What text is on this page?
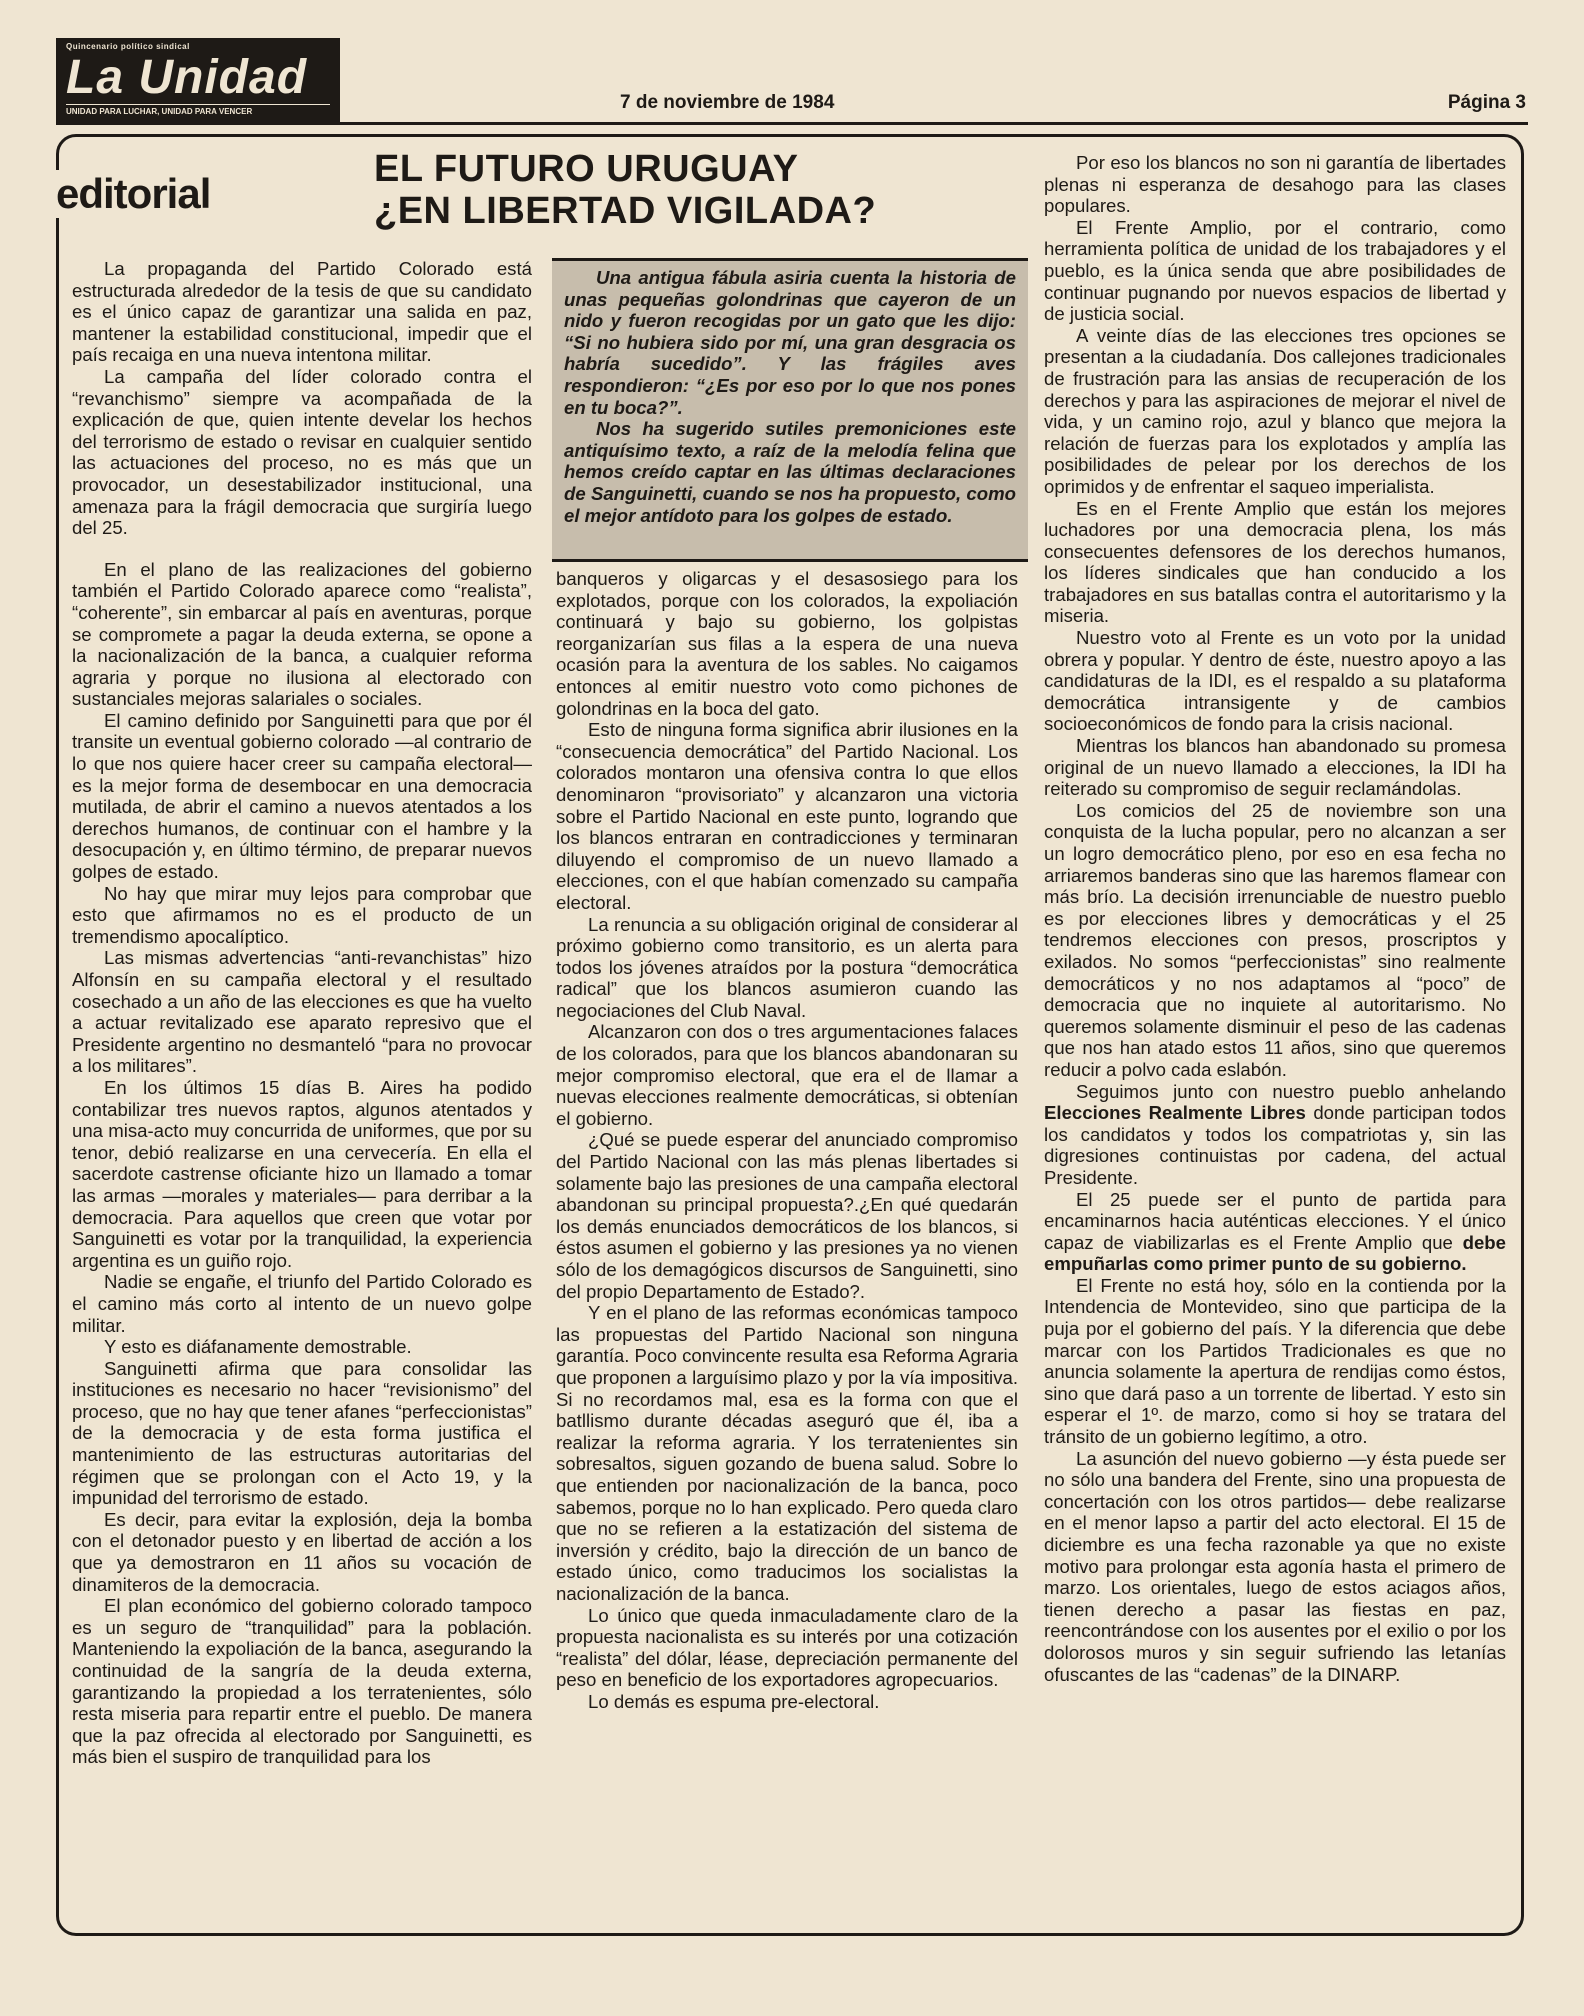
Quincenario político sindical
La Unidad
UNIDAD PARA LUCHAR, UNIDAD PARA VENCER	7 de noviembre de 1984	Página 3
editorial
EL FUTURO URUGUAY
¿EN LIBERTAD VIGILADA?

Una antigua fábula asiria cuenta la historia de unas pequeñas golondrinas que cayeron de un nido y fueron recogidas por un gato que les dijo: “Si no hubiera sido por mí, una gran desgracia os habría sucedido”. Y las frágiles aves respondieron: “¿Es por eso por lo que nos pones en tu boca?”.

Nos ha sugerido sutiles premoniciones este antiquísimo texto, a raíz de la melodía felina que hemos creído captar en las últimas declaraciones de Sanguinetti, cuando se nos ha propuesto, como el mejor antídoto para los golpes de estado.

La propaganda del Partido Colorado está estructurada alrededor de la tesis de que su candidato es el único capaz de garantizar una salida en paz, mantener la estabilidad constitucional, impedir que el país recaiga en una nueva intentona militar.

La campaña del líder colorado contra el “revanchismo” siempre va acompañada de la explicación de que, quien intente develar los hechos del terrorismo de estado o revisar en cualquier sentido las actuaciones del proceso, no es más que un provocador, un desestabilizador institucional, una amenaza para la frágil democracia que surgiría luego del 25.

En el plano de las realizaciones del gobierno también el Partido Colorado aparece como “realista”, “coherente”, sin embarcar al país en aventuras, porque se compromete a pagar la deuda externa, se opone a la nacionalización de la banca, a cualquier reforma agraria y porque no ilusiona al electorado con sustanciales mejoras salariales o sociales.

El camino definido por Sanguinetti para que por él transite un eventual gobierno colorado —al contrario de lo que nos quiere hacer creer su campaña electoral— es la mejor forma de desembocar en una democracia mutilada, de abrir el camino a nuevos atentados a los derechos humanos, de continuar con el hambre y la desocupación y, en último término, de preparar nuevos golpes de estado.

No hay que mirar muy lejos para comprobar que esto que afirmamos no es el producto de un tremendismo apocalíptico.

Las mismas advertencias “anti-revanchistas” hizo Alfonsín en su campaña electoral y el resultado cosechado a un año de las elecciones es que ha vuelto a actuar revitalizado ese aparato represivo que el Presidente argentino no desmanteló “para no provocar a los militares”.

En los últimos 15 días B. Aires ha podido contabilizar tres nuevos raptos, algunos atentados y una misa-acto muy concurrida de uniformes, que por su tenor, debió realizarse en una cervecería. En ella el sacerdote castrense oficiante hizo un llamado a tomar las armas —morales y materiales— para derribar a la democracia. Para aquellos que creen que votar por Sanguinetti es votar por la tranquilidad, la experiencia argentina es un guiño rojo.

Nadie se engañe, el triunfo del Partido Colorado es el camino más corto al intento de un nuevo golpe militar.

Y esto es diáfanamente demostrable.

Sanguinetti afirma que para consolidar las instituciones es necesario no hacer “revisionismo” del proceso, que no hay que tener afanes “perfeccionistas” de la democracia y de esta forma justifica el mantenimiento de las estructuras autoritarias del régimen que se prolongan con el Acto 19, y la impunidad del terrorismo de estado.

Es decir, para evitar la explosión, deja la bomba con el detonador puesto y en libertad de acción a los que ya demostraron en 11 años su vocación de dinamiteros de la democracia.

El plan económico del gobierno colorado tampoco es un seguro de “tranquilidad” para la población. Manteniendo la expoliación de la banca, asegurando la continuidad de la sangría de la deuda externa, garantizando la propiedad a los terratenientes, sólo resta miseria para repartir entre el pueblo. De manera que la paz ofrecida al electorado por Sanguinetti, es más bien el suspiro de tranquilidad para los

banqueros y oligarcas y el desasosiego para los explotados, porque con los colorados, la expoliación continuará y bajo su gobierno, los golpistas reorganizarían sus filas a la espera de una nueva ocasión para la aventura de los sables. No caigamos entonces al emitir nuestro voto como pichones de golondrinas en la boca del gato.

Esto de ninguna forma significa abrir ilusiones en la “consecuencia democrática” del Partido Nacional. Los colorados montaron una ofensiva contra lo que ellos denominaron “provisoriato” y alcanzaron una victoria sobre el Partido Nacional en este punto, logrando que los blancos entraran en contradicciones y terminaran diluyendo el compromiso de un nuevo llamado a elecciones, con el que habían comenzado su campaña electoral.

La renuncia a su obligación original de considerar al próximo gobierno como transitorio, es un alerta para todos los jóvenes atraídos por la postura “democrática radical” que los blancos asumieron cuando las negociaciones del Club Naval.

Alcanzaron con dos o tres argumentaciones falaces de los colorados, para que los blancos abandonaran su mejor compromiso electoral, que era el de llamar a nuevas elecciones realmente democráticas, si obtenían el gobierno.

¿Qué se puede esperar del anunciado compromiso del Partido Nacional con las más plenas libertades si solamente bajo las presiones de una campaña electoral abandonan su principal propuesta?.¿En qué quedarán los demás enunciados democráticos de los blancos, si éstos asumen el gobierno y las presiones ya no vienen sólo de los demagógicos discursos de Sanguinetti, sino del propio Departamento de Estado?.

Y en el plano de las reformas económicas tampoco las propuestas del Partido Nacional son ninguna garantía. Poco convincente resulta esa Reforma Agraria que proponen a larguísimo plazo y por la vía impositiva. Si no recordamos mal, esa es la forma con que el batllismo durante décadas aseguró que él, iba a realizar la reforma agraria. Y los terratenientes sin sobresaltos, siguen gozando de buena salud. Sobre lo que entienden por nacionalización de la banca, poco sabemos, porque no lo han explicado. Pero queda claro que no se refieren a la estatización del sistema de inversión y crédito, bajo la dirección de un banco de estado único, como traducimos los socialistas la nacionalización de la banca.

Lo único que queda inmaculadamente claro de la propuesta nacionalista es su interés por una cotización “realista” del dólar, léase, depreciación permanente del peso en beneficio de los exportadores agropecuarios.

Lo demás es espuma pre-electoral.

Por eso los blancos no son ni garantía de libertades plenas ni esperanza de desahogo para las clases populares.

El Frente Amplio, por el contrario, como herramienta política de unidad de los trabajadores y el pueblo, es la única senda que abre posibilidades de continuar pugnando por nuevos espacios de libertad y de justicia social.

A veinte días de las elecciones tres opciones se presentan a la ciudadanía. Dos callejones tradicionales de frustración para las ansias de recuperación de los derechos y para las aspiraciones de mejorar el nivel de vida, y un camino rojo, azul y blanco que mejora la relación de fuerzas para los explotados y amplía las posibilidades de pelear por los derechos de los oprimidos y de enfrentar el saqueo imperialista.

Es en el Frente Amplio que están los mejores luchadores por una democracia plena, los más consecuentes defensores de los derechos humanos, los líderes sindicales que han conducido a los trabajadores en sus batallas contra el autoritarismo y la miseria.

Nuestro voto al Frente es un voto por la unidad obrera y popular. Y dentro de éste, nuestro apoyo a las candidaturas de la IDI, es el respaldo a su plataforma democrática intransigente y de cambios socioeconómicos de fondo para la crisis nacional.

Mientras los blancos han abandonado su promesa original de un nuevo llamado a elecciones, la IDI ha reiterado su compromiso de seguir reclamándolas.

Los comicios del 25 de noviembre son una conquista de la lucha popular, pero no alcanzan a ser un logro democrático pleno, por eso en esa fecha no arriaremos banderas sino que las haremos flamear con más brío. La decisión irrenunciable de nuestro pueblo es por elecciones libres y democráticas y el 25 tendremos elecciones con presos, proscriptos y exilados. No somos “perfeccionistas” sino realmente democráticos y no nos adaptamos al “poco” de democracia que no inquiete al autoritarismo. No queremos solamente disminuir el peso de las cadenas que nos han atado estos 11 años, sino que queremos reducir a polvo cada eslabón.

Seguimos junto con nuestro pueblo anhelando Elecciones Realmente Libres donde participan todos los candidatos y todos los compatriotas y, sin las digresiones continuistas por cadena, del actual Presidente.

El 25 puede ser el punto de partida para encaminarnos hacia auténticas elecciones. Y el único capaz de viabilizarlas es el Frente Amplio que debe empuñarlas como primer punto de su gobierno.

El Frente no está hoy, sólo en la contienda por la Intendencia de Montevideo, sino que participa de la puja por el gobierno del país. Y la diferencia que debe marcar con los Partidos Tradicionales es que no anuncia solamente la apertura de rendijas como éstos, sino que dará paso a un torrente de libertad. Y esto sin esperar el 1º. de marzo, como si hoy se tratara del tránsito de un gobierno legítimo, a otro.

La asunción del nuevo gobierno —y ésta puede ser no sólo una bandera del Frente, sino una propuesta de concertación con los otros partidos— debe realizarse en el menor lapso a partir del acto electoral. El 15 de diciembre es una fecha razonable ya que no existe motivo para prolongar esta agonía hasta el primero de marzo. Los orientales, luego de estos aciagos años, tienen derecho a pasar las fiestas en paz, reencontrándose con los ausentes por el exilio o por los dolorosos muros y sin seguir sufriendo las letanías ofuscantes de las “cadenas” de la DINARP.
